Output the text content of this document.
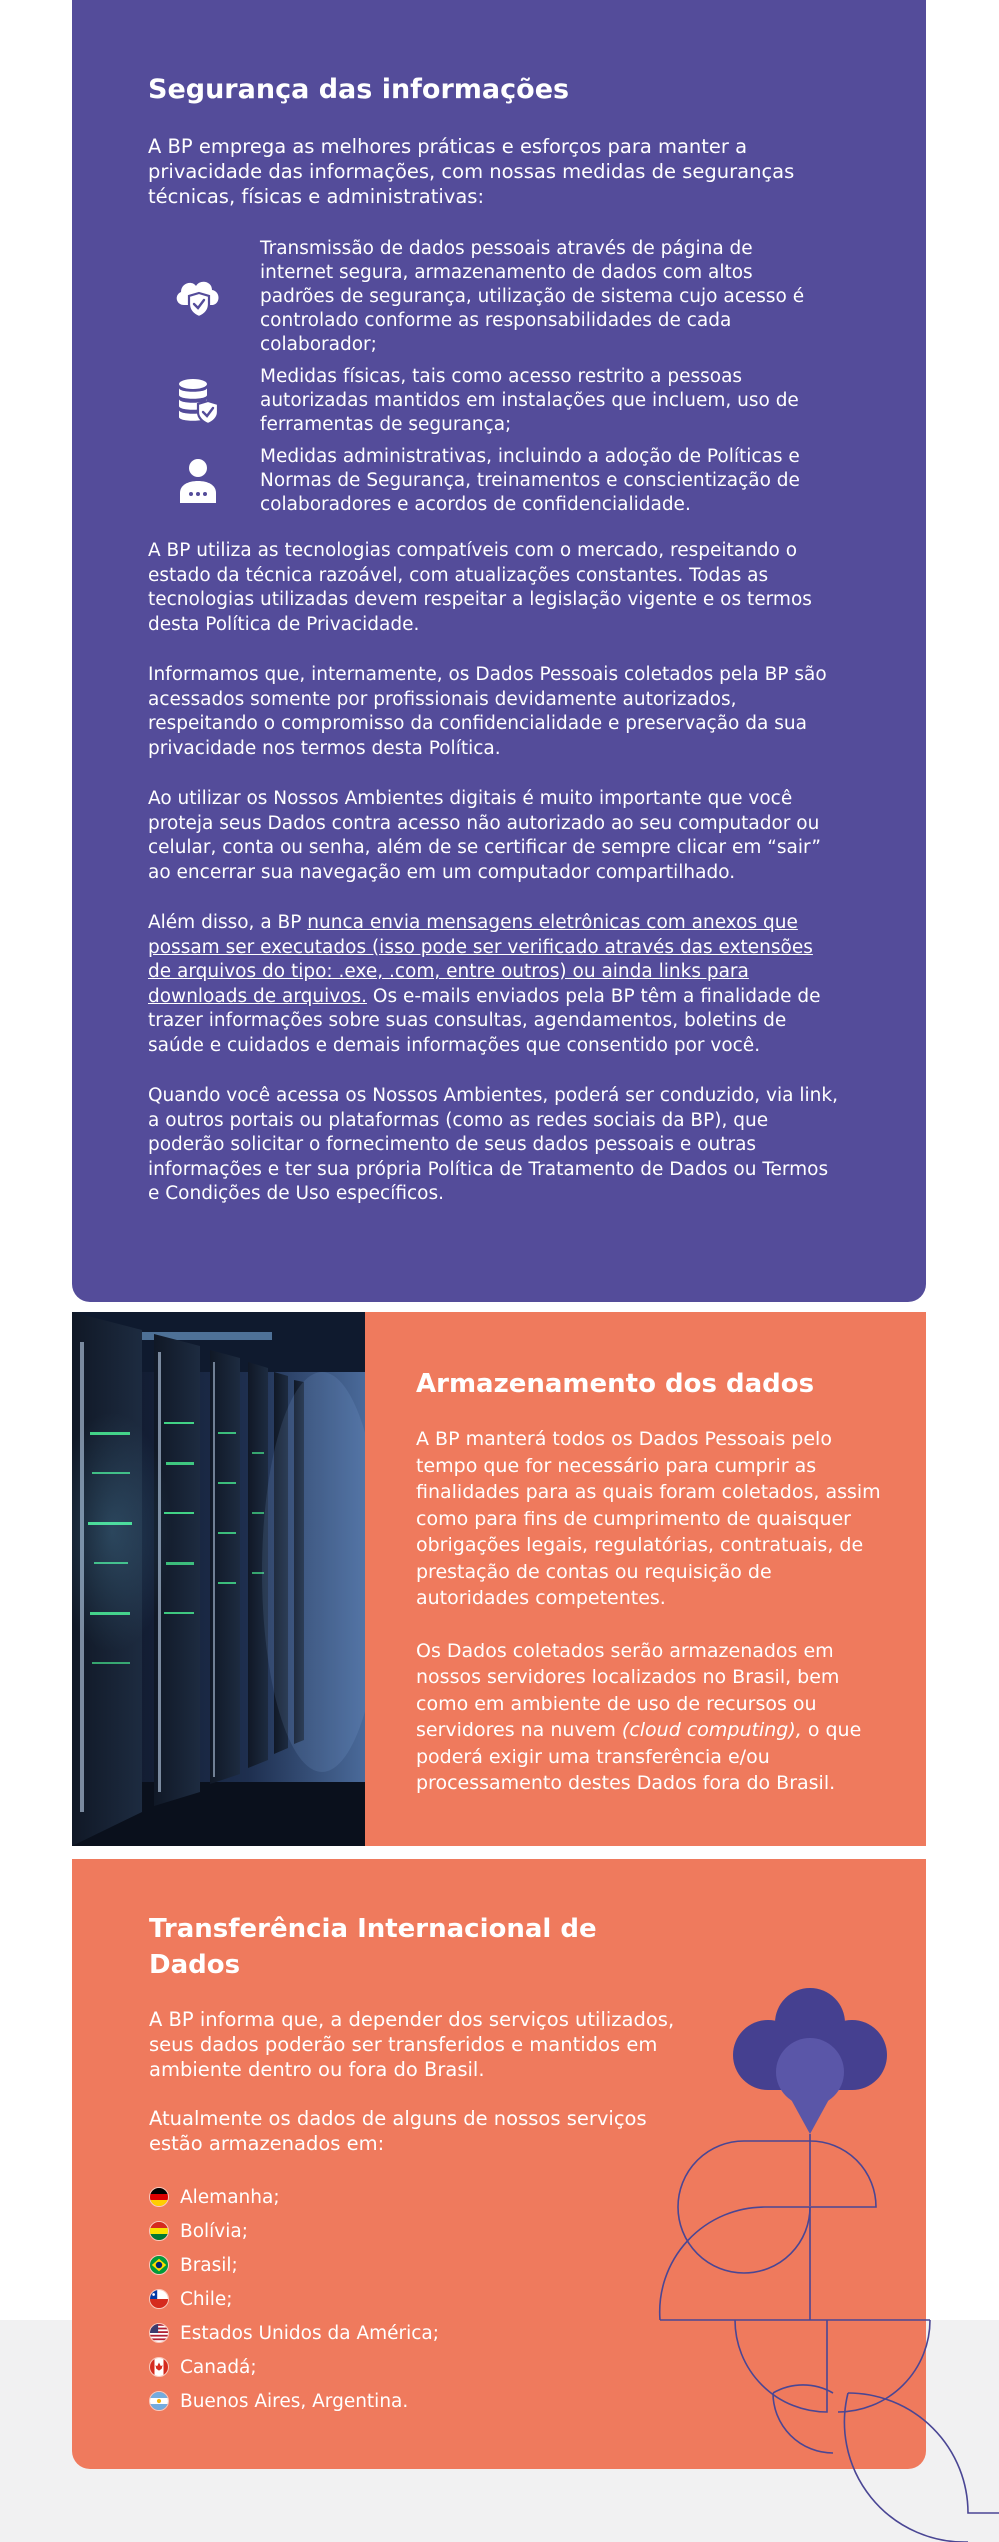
Segurança das informações

A BP emprega as melhores práticas e esforços para manter a privacidade das informações, com nossas medidas de seguranças técnicas, físicas e administrativas:

Transmissão de dados pessoais através de página de internet segura, armazenamento de dados com altos padrões de segurança, utilização de sistema cujo acesso é controlado conforme as responsabilidades de cada colaborador;
Medidas físicas, tais como acesso restrito a pessoas autorizadas mantidos em instalações que incluem, uso de ferramentas de segurança;
Medidas administrativas, incluindo a adoção de Políticas e Normas de Segurança, treinamentos e conscientização de colaboradores e acordos de confidencialidade.

A BP utiliza as tecnologias compatíveis com o mercado, respeitando o estado da técnica razoável, com atualizações constantes. Todas as tecnologias utilizadas devem respeitar a legislação vigente e os termos desta Política de Privacidade.

Informamos que, internamente, os Dados Pessoais coletados pela BP são acessados somente por profissionais devidamente autorizados, respeitando o compromisso da confidencialidade e preservação da sua privacidade nos termos desta Política.

Ao utilizar os Nossos Ambientes digitais é muito importante que você proteja seus Dados contra acesso não autorizado ao seu computador ou celular, conta ou senha, além de se certificar de sempre clicar em “sair” ao encerrar sua navegação em um computador compartilhado.

Além disso, a BP nunca envia mensagens eletrônicas com anexos que possam ser executados (isso pode ser verificado através das extensões de arquivos do tipo: .exe, .com, entre outros) ou ainda links para downloads de arquivos. Os e-mails enviados pela BP têm a finalidade de trazer informações sobre suas consultas, agendamentos, boletins de saúde e cuidados e demais informações que consentido por você.

Quando você acessa os Nossos Ambientes, poderá ser conduzido, via link, a outros portais ou plataformas (como as redes sociais da BP), que poderão solicitar o fornecimento de seus dados pessoais e outras informações e ter sua própria Política de Tratamento de Dados ou Termos e Condições de Uso específicos.

Armazenamento dos dados

A BP manterá todos os Dados Pessoais pelo tempo que for necessário para cumprir as finalidades para as quais foram coletados, assim como para fins de cumprimento de quaisquer obrigações legais, regulatórias, contratuais, de prestação de contas ou requisição de autoridades competentes.

Os Dados coletados serão armazenados em nossos servidores localizados no Brasil, bem como em ambiente de uso de recursos ou servidores na nuvem (cloud computing), o que poderá exigir uma transferência e/ou processamento destes Dados fora do Brasil.

Transferência Internacional de Dados

A BP informa que, a depender dos serviços utilizados, seus dados poderão ser transferidos e mantidos em ambiente dentro ou fora do Brasil.

Atualmente os dados de alguns de nossos serviços estão armazenados em:

Alemanha;
Bolívia;
Brasil;
Chile;
Estados Unidos da América;
Canadá;
Buenos Aires, Argentina.
